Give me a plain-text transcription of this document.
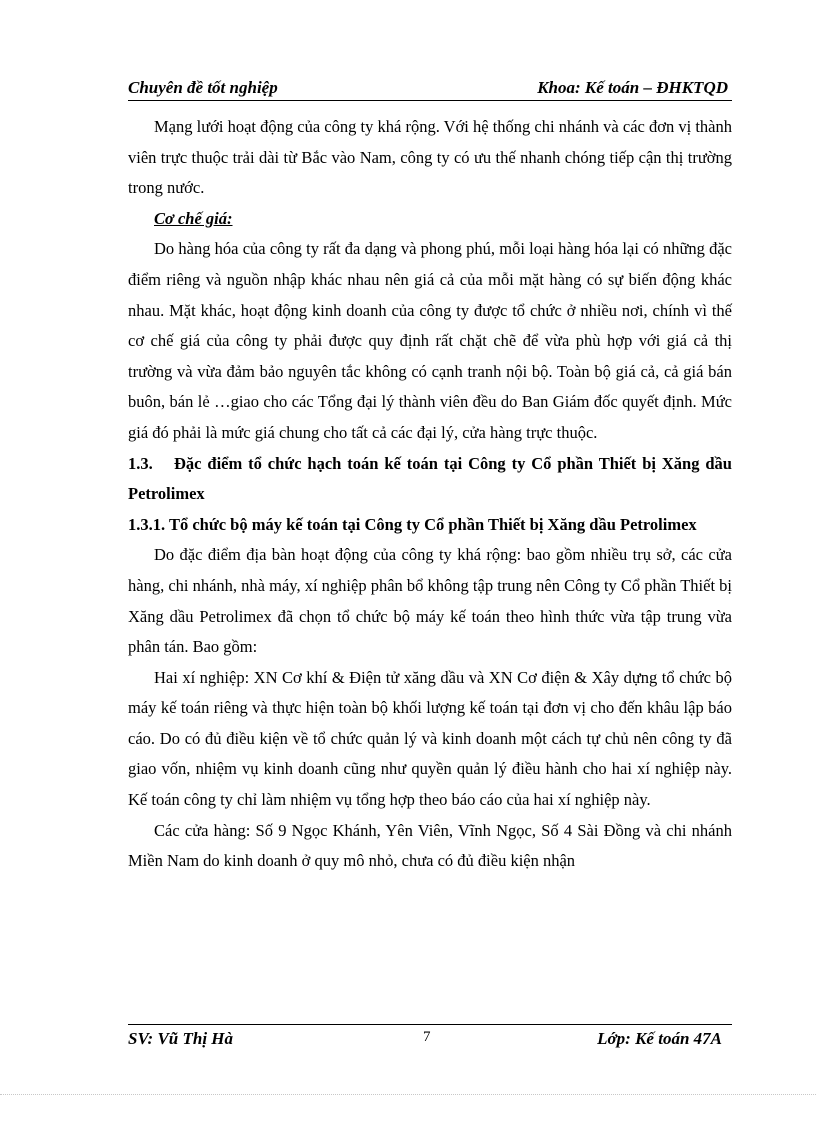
Chuyên đề tốt nghiệp	Khoa: Kế toán – ĐHKTQD

Mạng lưới hoạt động của công ty khá rộng. Với hệ thống chi nhánh và các đơn vị thành viên trực thuộc trải dài từ Bắc vào Nam, công ty có ưu thế nhanh chóng tiếp cận thị trường trong nước.

Cơ chế giá:

Do hàng hóa của công ty rất đa dạng và phong phú, mỗi loại hàng hóa lại có những đặc điểm riêng và nguồn nhập khác nhau nên giá cả của mỗi mặt hàng có sự biến động khác nhau. Mặt khác, hoạt động kinh doanh của công ty được tổ chức ở nhiều nơi, chính vì thế cơ chế giá của công ty phải được quy định rất chặt chẽ để vừa phù hợp với giá cả thị trường và vừa đảm bảo nguyên tắc không có cạnh tranh nội bộ. Toàn bộ giá cả, cả giá bán buôn, bán lẻ …giao cho các Tổng đại lý thành viên đều do Ban Giám đốc quyết định. Mức giá đó phải là mức giá chung cho tất cả các đại lý, cửa hàng trực thuộc.

1.3. Đặc điểm tổ chức hạch toán kế toán tại Công ty Cổ phần Thiết bị Xăng dầu Petrolimex
1.3.1. Tổ chức bộ máy kế toán tại Công ty Cổ phần Thiết bị Xăng dầu Petrolimex

Do đặc điểm địa bàn hoạt động của công ty khá rộng: bao gồm nhiều trụ sở, các cửa hàng, chi nhánh, nhà máy, xí nghiệp phân bổ không tập trung nên Công ty Cổ phần Thiết bị Xăng dầu Petrolimex đã chọn tổ chức bộ máy kế toán theo hình thức vừa tập trung vừa phân tán. Bao gồm:

Hai xí nghiệp: XN Cơ khí & Điện tử xăng dầu và XN Cơ điện & Xây dựng tổ chức bộ máy kế toán riêng và thực hiện toàn bộ khối lượng kế toán tại đơn vị cho đến khâu lập báo cáo. Do có đủ điều kiện về tổ chức quản lý và kinh doanh một cách tự chủ nên công ty đã giao vốn, nhiệm vụ kinh doanh cũng như quyền quản lý điều hành cho hai xí nghiệp này. Kế toán công ty chỉ làm nhiệm vụ tổng hợp theo báo cáo của hai xí nghiệp này.

Các cửa hàng: Số 9 Ngọc Khánh, Yên Viên, Vĩnh Ngọc, Số 4 Sài Đồng và chi nhánh Miền Nam do kinh doanh ở quy mô nhỏ, chưa có đủ điều kiện nhận

SV: Vũ Thị Hà	7	Lớp: Kế toán 47A
